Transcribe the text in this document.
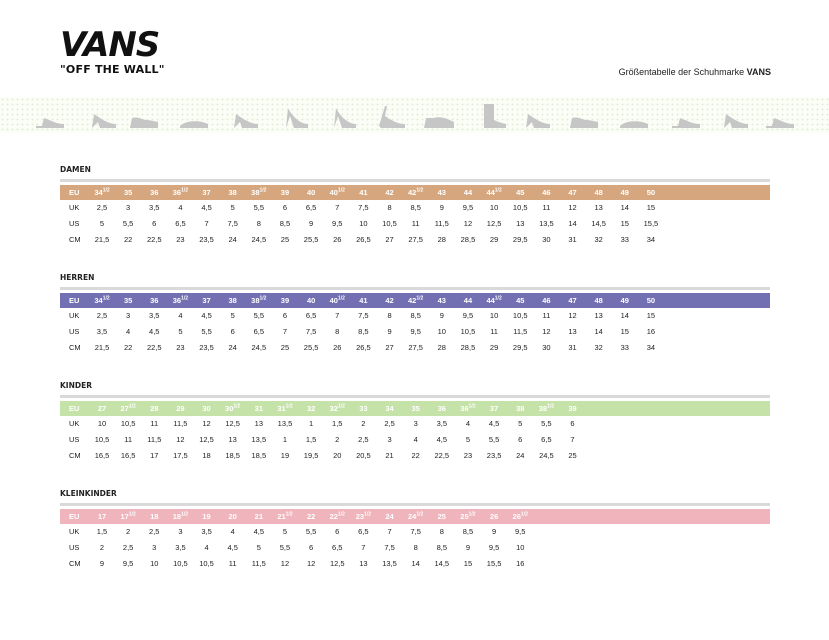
VANS
"OFF THE WALL"	Größentabelle der Schuhmarke VANS
DAMEN
EU	$34^{1/2}$	35	36	$36^{1/2}$	37	38	$38^{1/2}$	39	40	$40^{1/2}$	41	42	$42^{1/2}$	43	44	$44^{1/2}$	45	46	47	48	49	50
UK	2,5	3	3,5	4	4,5	5	5,5	6	6,5	7	7,5	8	8,5	9	9,5	10	10,5	11	12	13	14	15
US	5	5,5	6	6,5	7	7,5	8	8,5	9	9,5	10	10,5	11	11,5	12	12,5	13	13,5	14	14,5	15	15,5
CM	21,5	22	22,5	23	23,5	24	24,5	25	25,5	26	26,5	27	27,5	28	28,5	29	29,5	30	31	32	33	34
HERREN
EU	$34^{1/2}$	35	36	$36^{1/2}$	37	38	$38^{1/2}$	39	40	$40^{1/2}$	41	42	$42^{1/2}$	43	44	$44^{1/2}$	45	46	47	48	49	50
UK	2,5	3	3,5	4	4,5	5	5,5	6	6,5	7	7,5	8	8,5	9	9,5	10	10,5	11	12	13	14	15
US	3,5	4	4,5	5	5,5	6	6,5	7	7,5	8	8,5	9	9,5	10	10,5	11	11,5	12	13	14	15	16
CM	21,5	22	22,5	23	23,5	24	24,5	25	25,5	26	26,5	27	27,5	28	28,5	29	29,5	30	31	32	33	34
KINDER
EU	27	$27^{1/2}$	28	29	30	$30^{1/2}$	31	$31^{1/2}$	32	$32^{1/2}$	33	34	35	36	$36^{1/2}$	37	38	$38^{1/2}$	39
UK	10	10,5	11	11,5	12	12,5	13	13,5	1	1,5	2	2,5	3	3,5	4	4,5	5	5,5	6
US	10,5	11	11,5	12	12,5	13	13,5	1	1,5	2	2,5	3	4	4,5	5	5,5	6	6,5	7
CM	16,5	16,5	17	17,5	18	18,5	18,5	19	19,5	20	20,5	21	22	22,5	23	23,5	24	24,5	25
KLEINKINDER
EU	17	$17^{1/2}$	18	$18^{1/2}$	19	20	21	$21^{1/2}$	22	$22^{1/2}$	$23^{1/2}$	24	$24^{1/2}$	25	$25^{1/2}$	26	$26^{1/2}$
UK	1,5	2	2,5	3	3,5	4	4,5	5	5,5	6	6,5	7	7,5	8	8,5	9	9,5
US	2	2,5	3	3,5	4	4,5	5	5,5	6	6,5	7	7,5	8	8,5	9	9,5	10
CM	9	9,5	10	10,5	10,5	11	11,5	12	12	12,5	13	13,5	14	14,5	15	15,5	16
